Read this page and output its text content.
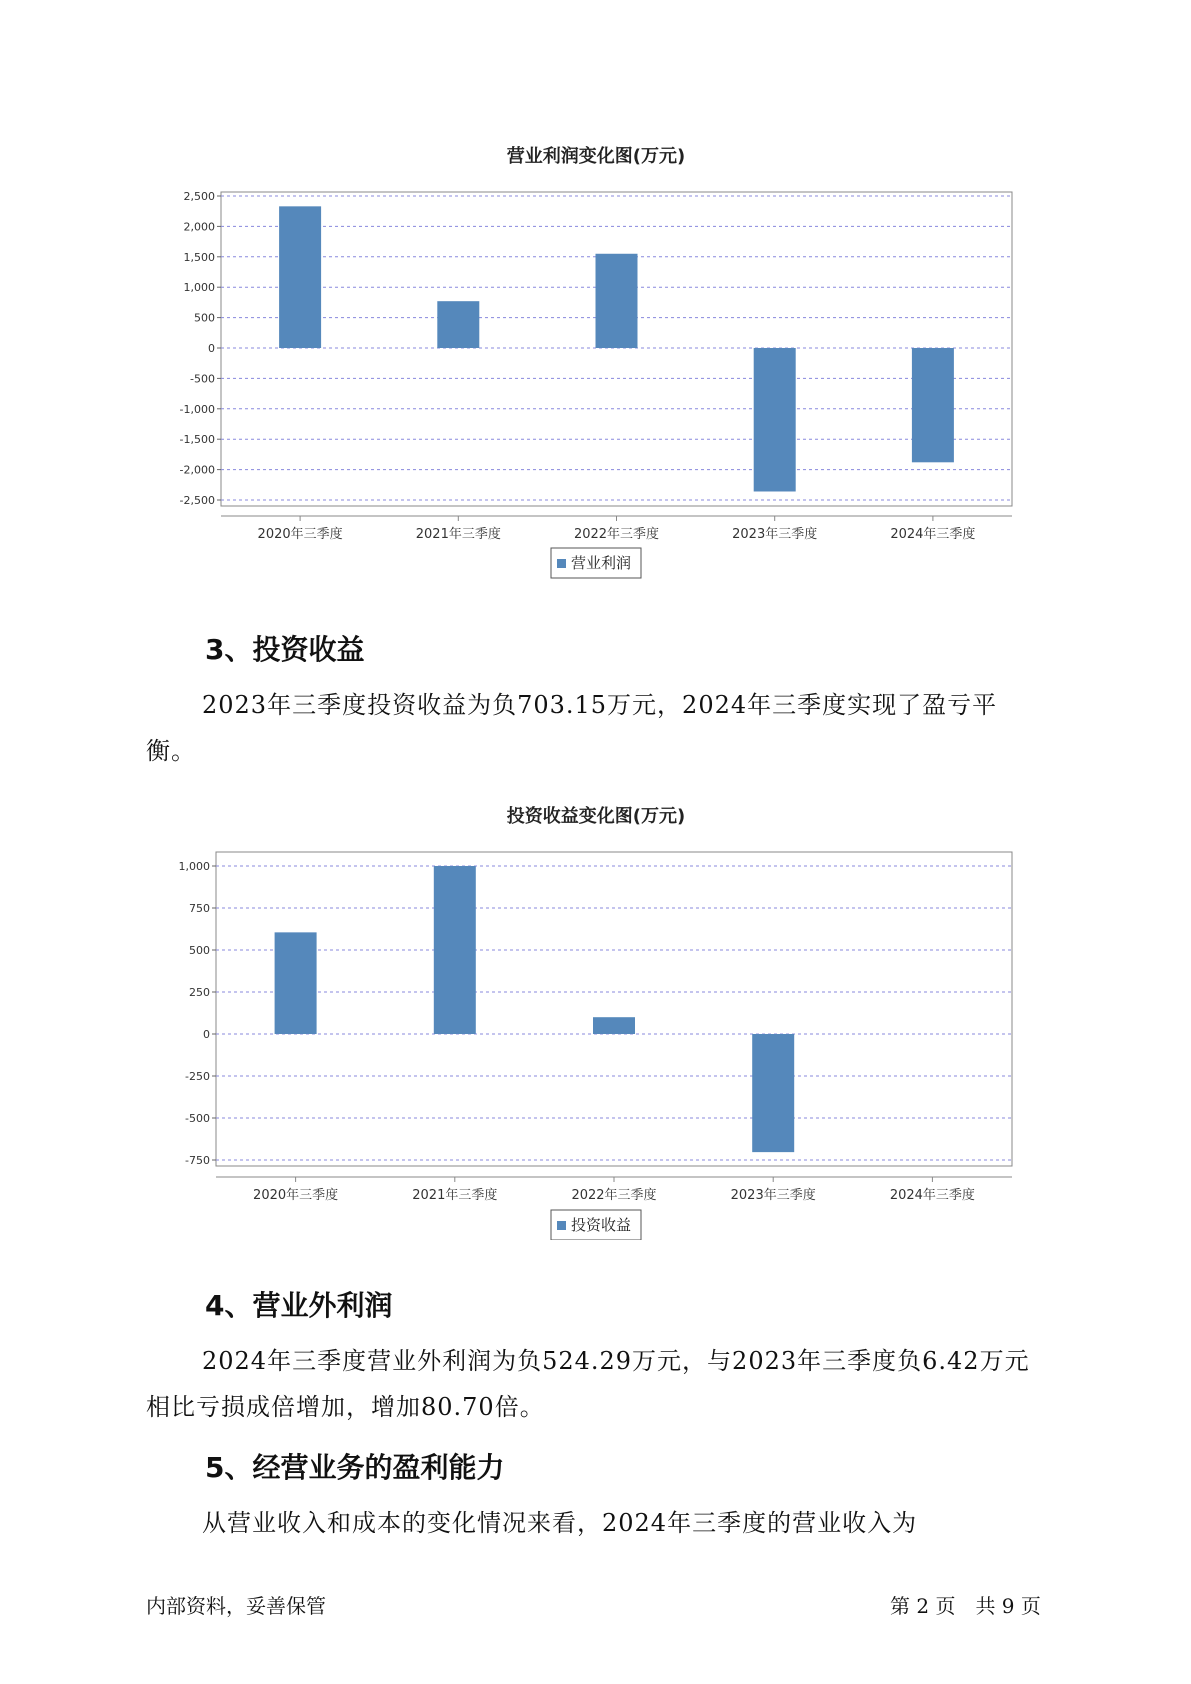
营业利润变化图(万元)
2,500
2,000
1,500
1,000
500
0
-500
-1,000
-1,500
-2,000
-2,500
2020年三季度	2021年三季度	2022年三季度	2023年三季度	2024年三季度
营业利润
3、投资收益

2023年三季度投资收益为负703.15万元，2024年三季度实现了盈亏平衡。

投资收益变化图(万元)
1,000
750
500
250
0
-250
-500
-750
2020年三季度	2021年三季度	2022年三季度	2023年三季度	2024年三季度
投资收益
4、营业外利润

2024年三季度营业外利润为负524.29万元，与2023年三季度负6.42万元相比亏损成倍增加，增加80.70倍。

5、经营业务的盈利能力

从营业收入和成本的变化情况来看，2024年三季度的营业收入为

内部资料，妥善保管	第 2 页　共 9 页
